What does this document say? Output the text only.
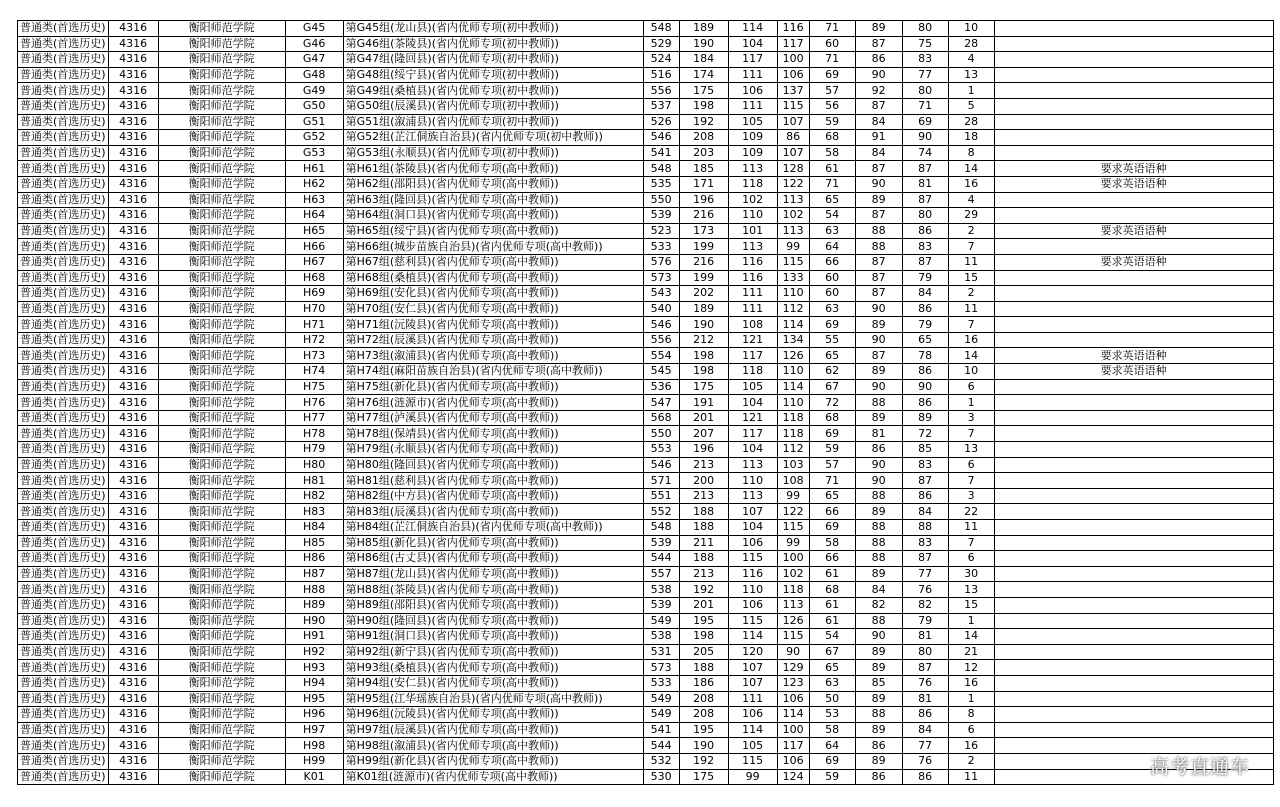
普通类(首选历史)	4316	衡阳师范学院	G45	第G45组(龙山县)(省内优师专项(初中教师))	548	189	114	116	71	89	80	10	
普通类(首选历史)	4316	衡阳师范学院	G46	第G46组(茶陵县)(省内优师专项(初中教师))	529	190	104	117	60	87	75	28	
普通类(首选历史)	4316	衡阳师范学院	G47	第G47组(隆回县)(省内优师专项(初中教师))	524	184	117	100	71	86	83	4	
普通类(首选历史)	4316	衡阳师范学院	G48	第G48组(绥宁县)(省内优师专项(初中教师))	516	174	111	106	69	90	77	13	
普通类(首选历史)	4316	衡阳师范学院	G49	第G49组(桑植县)(省内优师专项(初中教师))	556	175	106	137	57	92	80	1	
普通类(首选历史)	4316	衡阳师范学院	G50	第G50组(辰溪县)(省内优师专项(初中教师))	537	198	111	115	56	87	71	5	
普通类(首选历史)	4316	衡阳师范学院	G51	第G51组(溆浦县)(省内优师专项(初中教师))	526	192	105	107	59	84	69	28	
普通类(首选历史)	4316	衡阳师范学院	G52	第G52组(芷江侗族自治县)(省内优师专项(初中教师))	546	208	109	86	68	91	90	18	
普通类(首选历史)	4316	衡阳师范学院	G53	第G53组(永顺县)(省内优师专项(初中教师))	541	203	109	107	58	84	74	8	
普通类(首选历史)	4316	衡阳师范学院	H61	第H61组(茶陵县)(省内优师专项(高中教师))	548	185	113	128	61	87	87	14	要求英语语种
普通类(首选历史)	4316	衡阳师范学院	H62	第H62组(邵阳县)(省内优师专项(高中教师))	535	171	118	122	71	90	81	16	要求英语语种
普通类(首选历史)	4316	衡阳师范学院	H63	第H63组(隆回县)(省内优师专项(高中教师))	550	196	102	113	65	89	87	4	
普通类(首选历史)	4316	衡阳师范学院	H64	第H64组(洞口县)(省内优师专项(高中教师))	539	216	110	102	54	87	80	29	
普通类(首选历史)	4316	衡阳师范学院	H65	第H65组(绥宁县)(省内优师专项(高中教师))	523	173	101	113	63	88	86	2	要求英语语种
普通类(首选历史)	4316	衡阳师范学院	H66	第H66组(城步苗族自治县)(省内优师专项(高中教师))	533	199	113	99	64	88	83	7	
普通类(首选历史)	4316	衡阳师范学院	H67	第H67组(慈利县)(省内优师专项(高中教师))	576	216	116	115	66	87	87	11	要求英语语种
普通类(首选历史)	4316	衡阳师范学院	H68	第H68组(桑植县)(省内优师专项(高中教师))	573	199	116	133	60	87	79	15	
普通类(首选历史)	4316	衡阳师范学院	H69	第H69组(安化县)(省内优师专项(高中教师))	543	202	111	110	60	87	84	2	
普通类(首选历史)	4316	衡阳师范学院	H70	第H70组(安仁县)(省内优师专项(高中教师))	540	189	111	112	63	90	86	11	
普通类(首选历史)	4316	衡阳师范学院	H71	第H71组(沅陵县)(省内优师专项(高中教师))	546	190	108	114	69	89	79	7	
普通类(首选历史)	4316	衡阳师范学院	H72	第H72组(辰溪县)(省内优师专项(高中教师))	556	212	121	134	55	90	65	16	
普通类(首选历史)	4316	衡阳师范学院	H73	第H73组(溆浦县)(省内优师专项(高中教师))	554	198	117	126	65	87	78	14	要求英语语种
普通类(首选历史)	4316	衡阳师范学院	H74	第H74组(麻阳苗族自治县)(省内优师专项(高中教师))	545	198	118	110	62	89	86	10	要求英语语种
普通类(首选历史)	4316	衡阳师范学院	H75	第H75组(新化县)(省内优师专项(高中教师))	536	175	105	114	67	90	90	6	
普通类(首选历史)	4316	衡阳师范学院	H76	第H76组(涟源市)(省内优师专项(高中教师))	547	191	104	110	72	88	86	1	
普通类(首选历史)	4316	衡阳师范学院	H77	第H77组(泸溪县)(省内优师专项(高中教师))	568	201	121	118	68	89	89	3	
普通类(首选历史)	4316	衡阳师范学院	H78	第H78组(保靖县)(省内优师专项(高中教师))	550	207	117	118	69	81	72	7	
普通类(首选历史)	4316	衡阳师范学院	H79	第H79组(永顺县)(省内优师专项(高中教师))	553	196	104	112	59	86	85	13	
普通类(首选历史)	4316	衡阳师范学院	H80	第H80组(隆回县)(省内优师专项(高中教师))	546	213	113	103	57	90	83	6	
普通类(首选历史)	4316	衡阳师范学院	H81	第H81组(慈利县)(省内优师专项(高中教师))	571	200	110	108	71	90	87	7	
普通类(首选历史)	4316	衡阳师范学院	H82	第H82组(中方县)(省内优师专项(高中教师))	551	213	113	99	65	88	86	3	
普通类(首选历史)	4316	衡阳师范学院	H83	第H83组(辰溪县)(省内优师专项(高中教师))	552	188	107	122	66	89	84	22	
普通类(首选历史)	4316	衡阳师范学院	H84	第H84组(芷江侗族自治县)(省内优师专项(高中教师))	548	188	104	115	69	88	88	11	
普通类(首选历史)	4316	衡阳师范学院	H85	第H85组(新化县)(省内优师专项(高中教师))	539	211	106	99	58	88	83	7	
普通类(首选历史)	4316	衡阳师范学院	H86	第H86组(古丈县)(省内优师专项(高中教师))	544	188	115	100	66	88	87	6	
普通类(首选历史)	4316	衡阳师范学院	H87	第H87组(龙山县)(省内优师专项(高中教师))	557	213	116	102	61	89	77	30	
普通类(首选历史)	4316	衡阳师范学院	H88	第H88组(茶陵县)(省内优师专项(高中教师))	538	192	110	118	68	84	76	13	
普通类(首选历史)	4316	衡阳师范学院	H89	第H89组(邵阳县)(省内优师专项(高中教师))	539	201	106	113	61	82	82	15	
普通类(首选历史)	4316	衡阳师范学院	H90	第H90组(隆回县)(省内优师专项(高中教师))	549	195	115	126	61	88	79	1	
普通类(首选历史)	4316	衡阳师范学院	H91	第H91组(洞口县)(省内优师专项(高中教师))	538	198	114	115	54	90	81	14	
普通类(首选历史)	4316	衡阳师范学院	H92	第H92组(新宁县)(省内优师专项(高中教师))	531	205	120	90	67	89	80	21	
普通类(首选历史)	4316	衡阳师范学院	H93	第H93组(桑植县)(省内优师专项(高中教师))	573	188	107	129	65	89	87	12	
普通类(首选历史)	4316	衡阳师范学院	H94	第H94组(安仁县)(省内优师专项(高中教师))	533	186	107	123	63	85	76	16	
普通类(首选历史)	4316	衡阳师范学院	H95	第H95组(江华瑶族自治县)(省内优师专项(高中教师))	549	208	111	106	50	89	81	1	
普通类(首选历史)	4316	衡阳师范学院	H96	第H96组(沅陵县)(省内优师专项(高中教师))	549	208	106	114	53	88	86	8	
普通类(首选历史)	4316	衡阳师范学院	H97	第H97组(辰溪县)(省内优师专项(高中教师))	541	195	114	100	58	89	84	6	
普通类(首选历史)	4316	衡阳师范学院	H98	第H98组(溆浦县)(省内优师专项(高中教师))	544	190	105	117	64	86	77	16	
普通类(首选历史)	4316	衡阳师范学院	H99	第H99组(新化县)(省内优师专项(高中教师))	532	192	115	106	69	89	76	2	
普通类(首选历史)	4316	衡阳师范学院	K01	第K01组(涟源市)(省内优师专项(高中教师))	530	175	99	124	59	86	86	11		高考直通车
